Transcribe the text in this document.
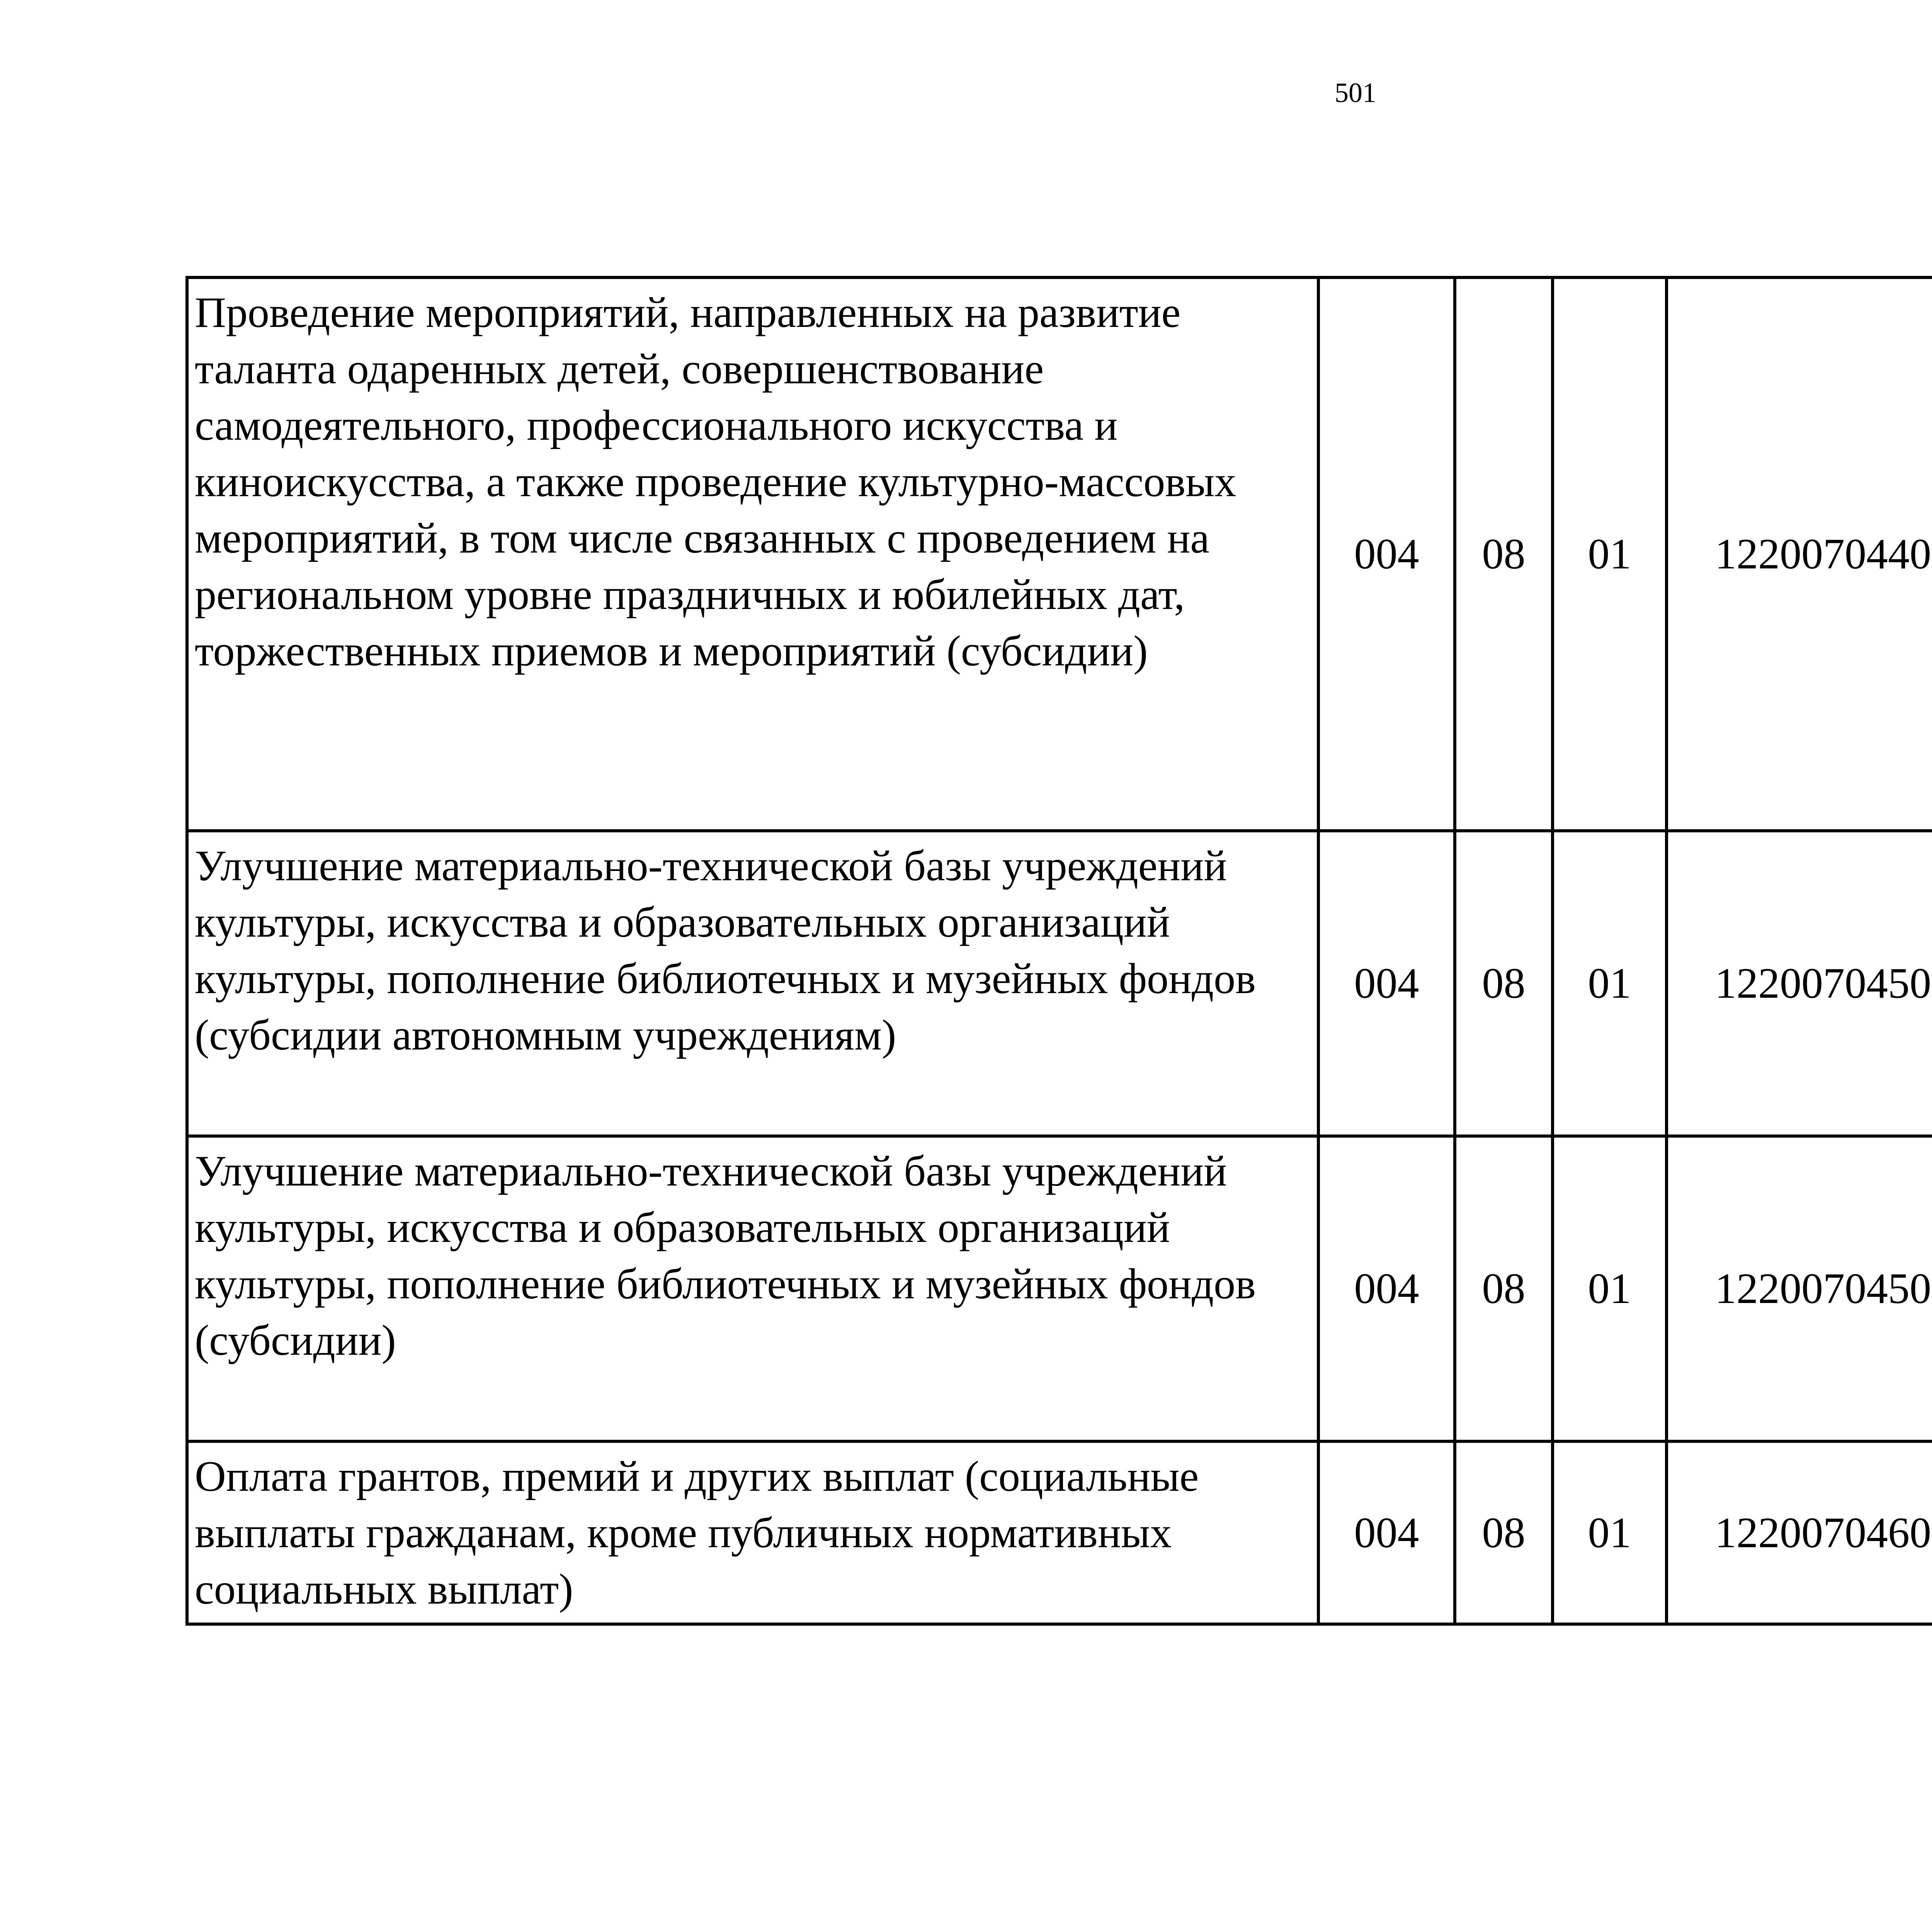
501
Проведение мероприятий, направленных на развитие таланта одаренных детей, совершенствование самодеятельного, профессионального искусства и киноискусства, а также проведение культурно-массовых мероприятий, в том числе связанных с проведением на региональном уровне праздничных и юбилейных дат, торжественных приемов и мероприятий (субсидии)	004	08	01	1220070440		
Улучшение материально-технической базы учреждений культуры, искусства и образовательных организаций культуры, пополнение библиотечных и музейных фондов (субсидии автономным учреждениям)	004	08	01	1220070450		
Улучшение материально-технической базы учреждений культуры, искусства и образовательных организаций культуры, пополнение библиотечных и музейных фондов (субсидии)	004	08	01	1220070450		
Оплата грантов, премий и других выплат (социальные выплаты гражданам, кроме публичных нормативных социальных выплат)	004	08	01	1220070460		
